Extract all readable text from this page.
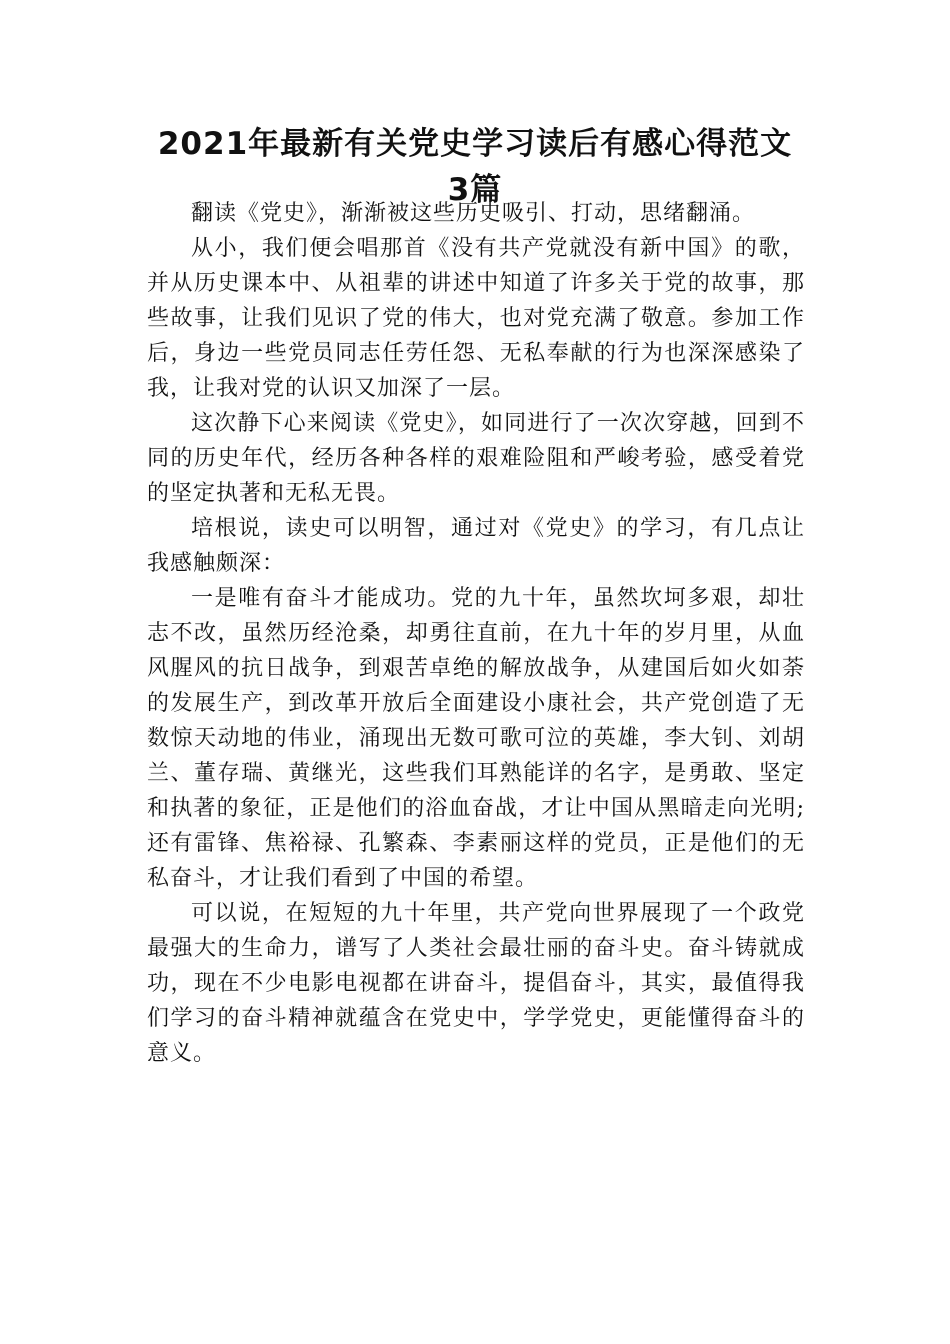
2021年最新有关党史学习读后有感心得范文
3篇

翻读《党史》，渐渐被这些历史吸引、打动，思绪翻涌。

从小，我们便会唱那首《没有共产党就没有新中国》的歌，并从历史课本中、从祖辈的讲述中知道了许多关于党的故事，那些故事，让我们见识了党的伟大，也对党充满了敬意。参加工作后，身边一些党员同志任劳任怨、无私奉献的行为也深深感染了我，让我对党的认识又加深了一层。

这次静下心来阅读《党史》，如同进行了一次次穿越，回到不同的历史年代，经历各种各样的艰难险阻和严峻考验，感受着党的坚定执著和无私无畏。

培根说，读史可以明智，通过对《党史》的学习，有几点让我感触颇深：

一是唯有奋斗才能成功。党的九十年，虽然坎坷多艰，却壮志不改，虽然历经沧桑，却勇往直前，在九十年的岁月里，从血风腥风的抗日战争，到艰苦卓绝的解放战争，从建国后如火如荼的发展生产，到改革开放后全面建设小康社会，共产党创造了无数惊天动地的伟业，涌现出无数可歌可泣的英雄，李大钊、刘胡兰、董存瑞、黄继光，这些我们耳熟能详的名字，是勇敢、坚定和执著的象征，正是他们的浴血奋战，才让中国从黑暗走向光明;还有雷锋、焦裕禄、孔繁森、李素丽这样的党员，正是他们的无私奋斗，才让我们看到了中国的希望。

可以说，在短短的九十年里，共产党向世界展现了一个政党最强大的生命力，谱写了人类社会最壮丽的奋斗史。奋斗铸就成功，现在不少电影电视都在讲奋斗，提倡奋斗，其实，最值得我们学习的奋斗精神就蕴含在党史中，学学党史，更能懂得奋斗的意义。
